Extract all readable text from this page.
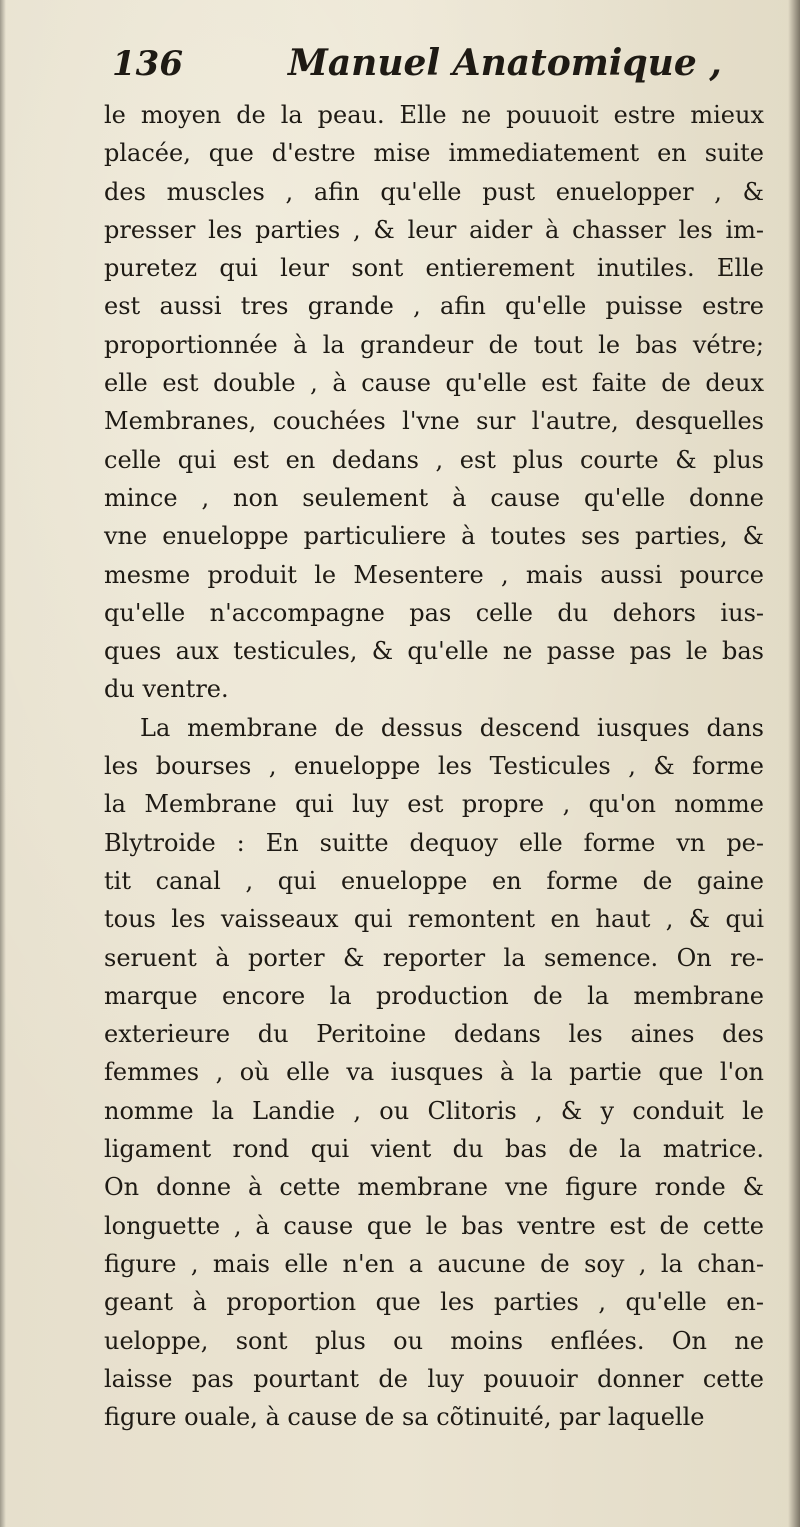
136	Manuel Anatomique ,
le moyen de la peau. Elle ne pouuoit estre mieux
placée, que d'estre mise immediatement en suite
des muscles , afin qu'elle pust enuelopper , &
presser les parties , & leur aider à chasser les im-
puretez qui leur sont entierement inutiles. Elle
est aussi tres grande , afin qu'elle puisse estre
proportionnée à la grandeur de tout le bas vétre;
elle est double , à cause qu'elle est faite de deux
Membranes, couchées l'vne sur l'autre, desquelles
celle qui est en dedans , est plus courte & plus
mince , non seulement à cause qu'elle donne
vne enueloppe particuliere à toutes ses parties, &
mesme produit le Mesentere , mais aussi pource
qu'elle n'accompagne pas celle du dehors ius-
ques aux testicules, & qu'elle ne passe pas le bas
du ventre.
La membrane de dessus descend iusques dans
les bourses , enueloppe les Testicules , & forme
la Membrane qui luy est propre , qu'on nomme
Blytroide : En suitte dequoy elle forme vn pe-
tit canal , qui enueloppe en forme de gaine
tous les vaisseaux qui remontent en haut , & qui
seruent à porter & reporter la semence. On re-
marque encore la production de la membrane
exterieure du Peritoine dedans les aines des
femmes , où elle va iusques à la partie que l'on
nomme la Landie , ou Clitoris , & y conduit le
ligament rond qui vient du bas de la matrice.
On donne à cette membrane vne figure ronde &
longuette , à cause que le bas ventre est de cette
figure , mais elle n'en a aucune de soy , la chan-
geant à proportion que les parties , qu'elle en-
ueloppe, sont plus ou moins enflées. On ne
laisse pas pourtant de luy pouuoir donner cette
figure ouale, à cause de sa cõtinuité, par laquelle
